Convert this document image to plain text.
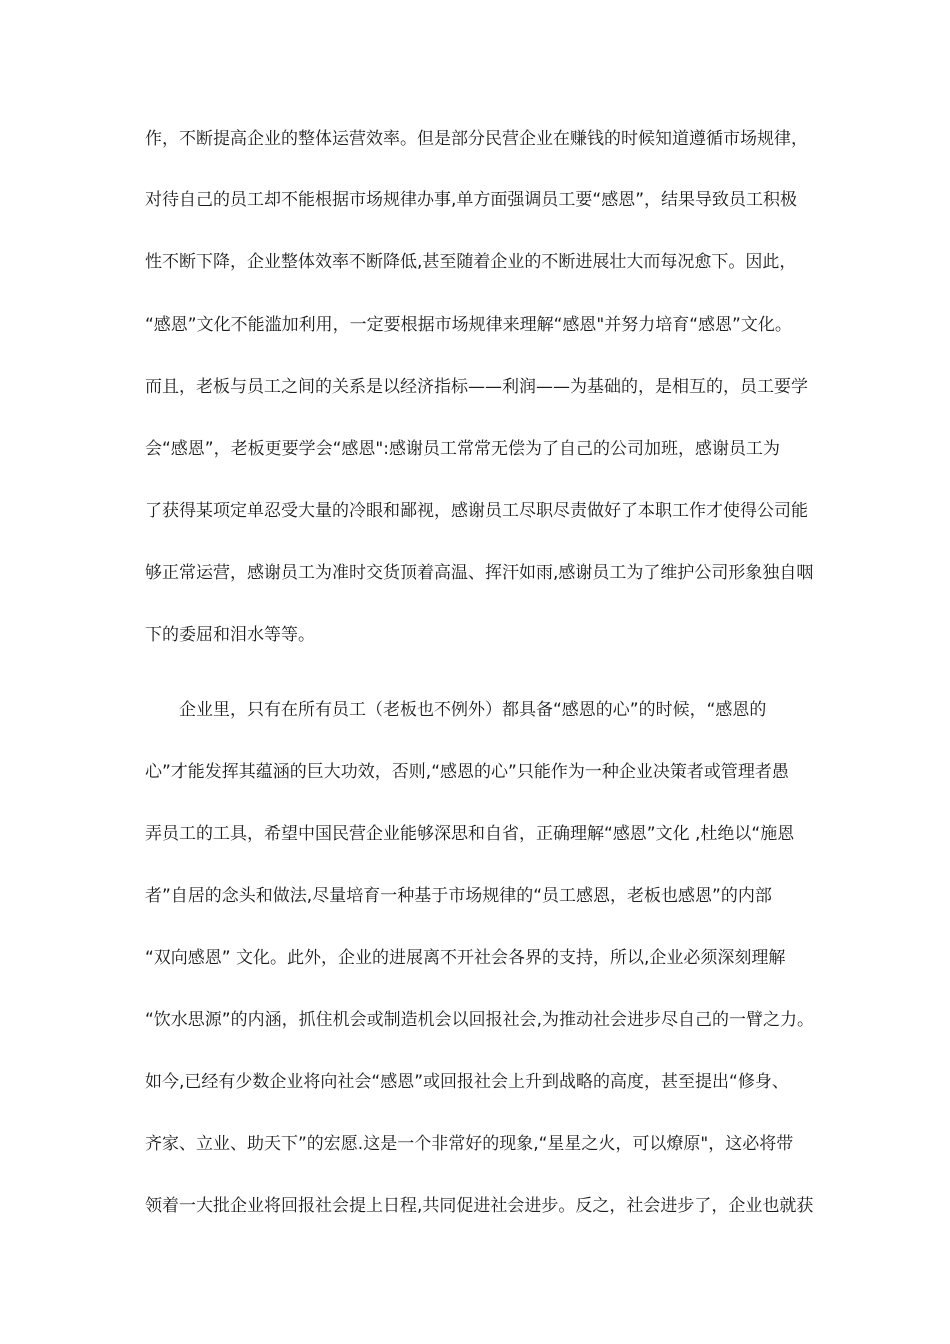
作，不断提高企业的整体运营效率。但是部分民营企业在赚钱的时候知道遵循市场规律，
对待自己的员工却不能根据市场规律办事,单方面强调员工要“感恩”，结果导致员工积极
性不断下降，企业整体效率不断降低,甚至随着企业的不断进展壮大而每况愈下。因此，
“感恩”文化不能滥加利用，一定要根据市场规律来理解“感恩"并努力培育“感恩”文化。
而且，老板与员工之间的关系是以经济指标——利润——为基础的，是相互的，员工要学
会“感恩”，老板更要学会“感恩":感谢员工常常无偿为了自己的公司加班，感谢员工为
了获得某项定单忍受大量的冷眼和鄙视，感谢员工尽职尽责做好了本职工作才使得公司能
够正常运营，感谢员工为准时交货顶着高温、挥汗如雨,感谢员工为了维护公司形象独自咽
下的委屈和泪水等等。
企业里，只有在所有员工（老板也不例外）都具备“感恩的心”的时候，“感恩的
心”才能发挥其蕴涵的巨大功效，否则,“感恩的心”只能作为一种企业决策者或管理者愚
弄员工的工具，希望中国民营企业能够深思和自省，正确理解“感恩”文化 ,杜绝以“施恩
者”自居的念头和做法,尽量培育一种基于市场规律的“员工感恩，老板也感恩”的内部
“双向感恩” 文化。此外，企业的进展离不开社会各界的支持，所以,企业必须深刻理解
“饮水思源”的内涵，抓住机会或制造机会以回报社会,为推动社会进步尽自己的一臂之力。
如今,已经有少数企业将向社会“感恩”或回报社会上升到战略的高度，甚至提出“修身、
齐家、立业、助天下”的宏愿.这是一个非常好的现象,“星星之火，可以燎原"，这必将带
领着一大批企业将回报社会提上日程,共同促进社会进步。反之，社会进步了，企业也就获
